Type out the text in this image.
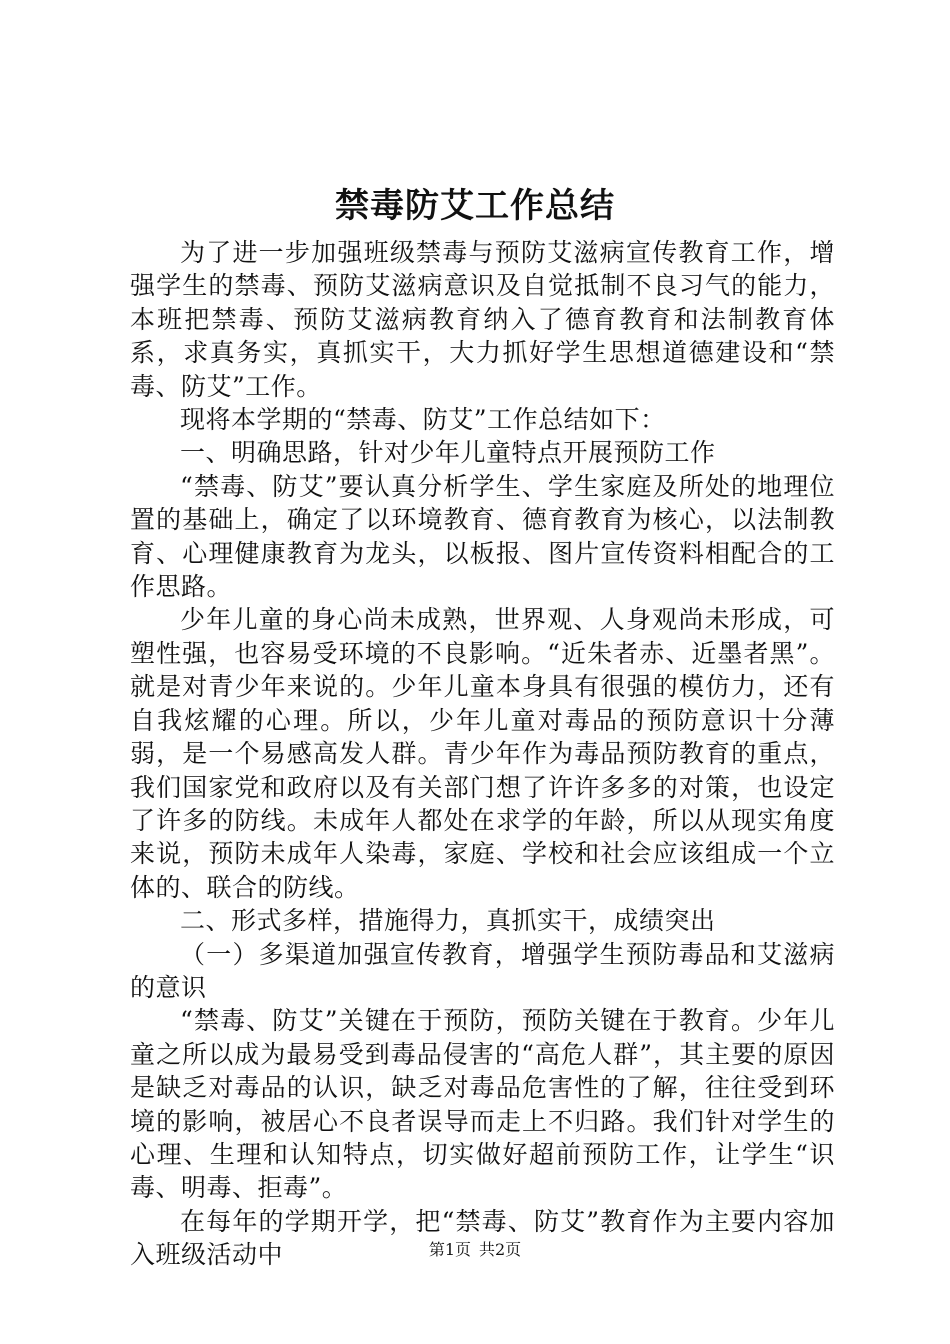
禁毒防艾工作总结

为了进一步加强班级禁毒与预防艾滋病宣传教育工作，增强学生的禁毒、预防艾滋病意识及自觉抵制不良习气的能力，本班把禁毒、预防艾滋病教育纳入了德育教育和法制教育体系，求真务实，真抓实干，大力抓好学生思想道德建设和“禁毒、防艾”工作。

现将本学期的“禁毒、防艾”工作总结如下：

一、明确思路，针对少年儿童特点开展预防工作

“禁毒、防艾”要认真分析学生、学生家庭及所处的地理位置的基础上，确定了以环境教育、德育教育为核心，以法制教育、心理健康教育为龙头，以板报、图片宣传资料相配合的工作思路。

少年儿童的身心尚未成熟，世界观、人身观尚未形成，可塑性强，也容易受环境的不良影响。“近朱者赤、近墨者黑”。就是对青少年来说的。少年儿童本身具有很强的模仿力，还有自我炫耀的心理。所以，少年儿童对毒品的预防意识十分薄弱，是一个易感高发人群。青少年作为毒品预防教育的重点，我们国家党和政府以及有关部门想了许许多多的对策，也设定了许多的防线。未成年人都处在求学的年龄，所以从现实角度来说，预防未成年人染毒，家庭、学校和社会应该组成一个立体的、联合的防线。

二、形式多样，措施得力，真抓实干，成绩突出

（一）多渠道加强宣传教育，增强学生预防毒品和艾滋病的意识

“禁毒、防艾”关键在于预防，预防关键在于教育。少年儿童之所以成为最易受到毒品侵害的“高危人群”，其主要的原因是缺乏对毒品的认识，缺乏对毒品危害性的了解，往往受到环境的影响，被居心不良者误导而走上不归路。我们针对学生的心理、生理和认知特点，切实做好超前预防工作，让学生“识毒、明毒、拒毒”。

在每年的学期开学，把“禁毒、防艾”教育作为主要内容加入班级活动中	第1页 共2页
